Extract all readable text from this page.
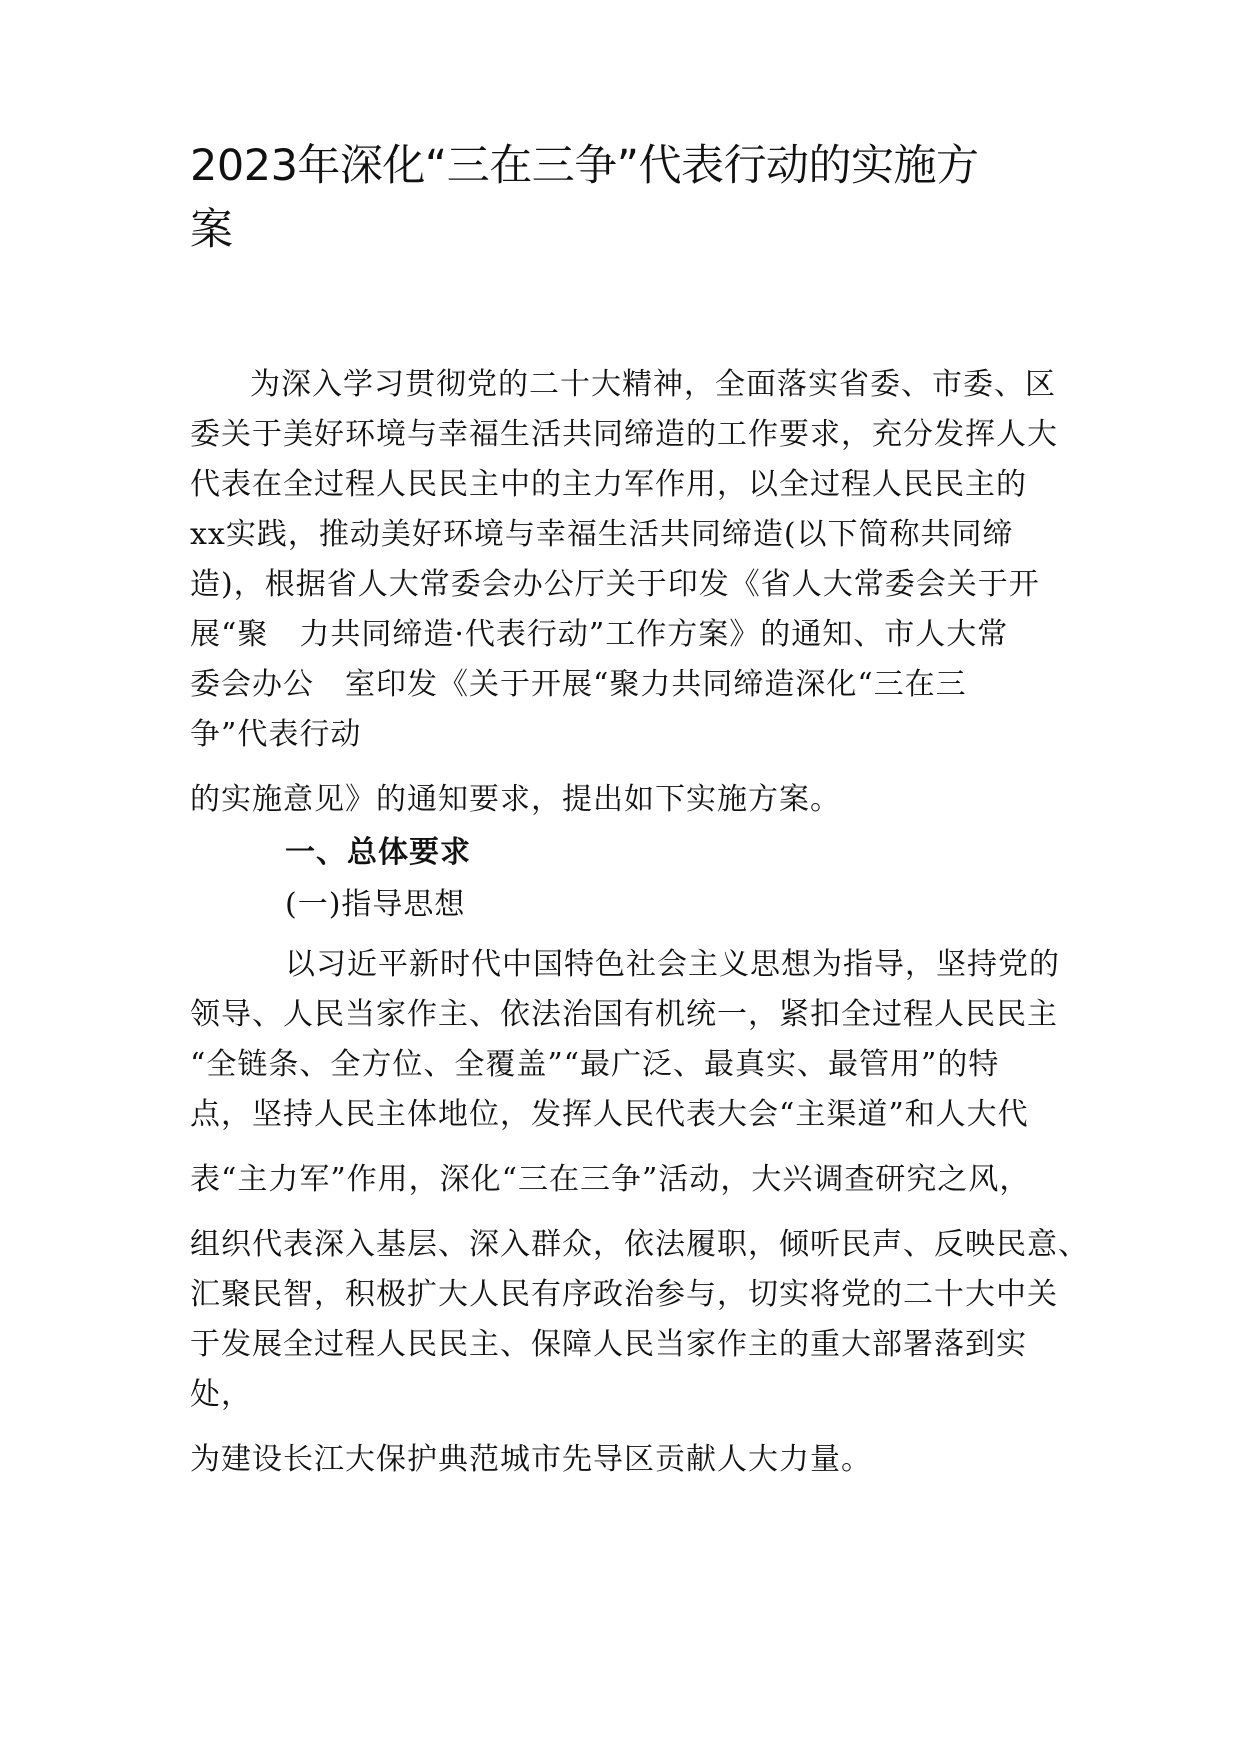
2023年深化“三在三争”代表行动的实施方
案
为深入学习贯彻党的二十大精神，全面落实省委、市委、区
委关于美好环境与幸福生活共同缔造的工作要求，充分发挥人大
代表在全过程人民民主中的主力军作用，以全过程人民民主的
xx实践，推动美好环境与幸福生活共同缔造(以下简称共同缔
造)，根据省人大常委会办公厅关于印发《省人大常委会关于开
展“聚　力共同缔造·代表行动”工作方案》的通知、市人大常
委会办公　室印发《关于开展“聚力共同缔造深化“三在三
争”代表行动
的实施意见》的通知要求，提出如下实施方案。
一、总体要求
(一)指导思想
以习近平新时代中国特色社会主义思想为指导，坚持党的
领导、人民当家作主、依法治国有机统一，紧扣全过程人民民主
“全链条、全方位、全覆盖”“最广泛、最真实、最管用”的特
点，坚持人民主体地位，发挥人民代表大会“主渠道”和人大代
表“主力军”作用，深化“三在三争”活动，大兴调查研究之风，
组织代表深入基层、深入群众，依法履职，倾听民声、反映民意、
汇聚民智，积极扩大人民有序政治参与，切实将党的二十大中关
于发展全过程人民民主、保障人民当家作主的重大部署落到实
处，
为建设长江大保护典范城市先导区贡献人大力量。
